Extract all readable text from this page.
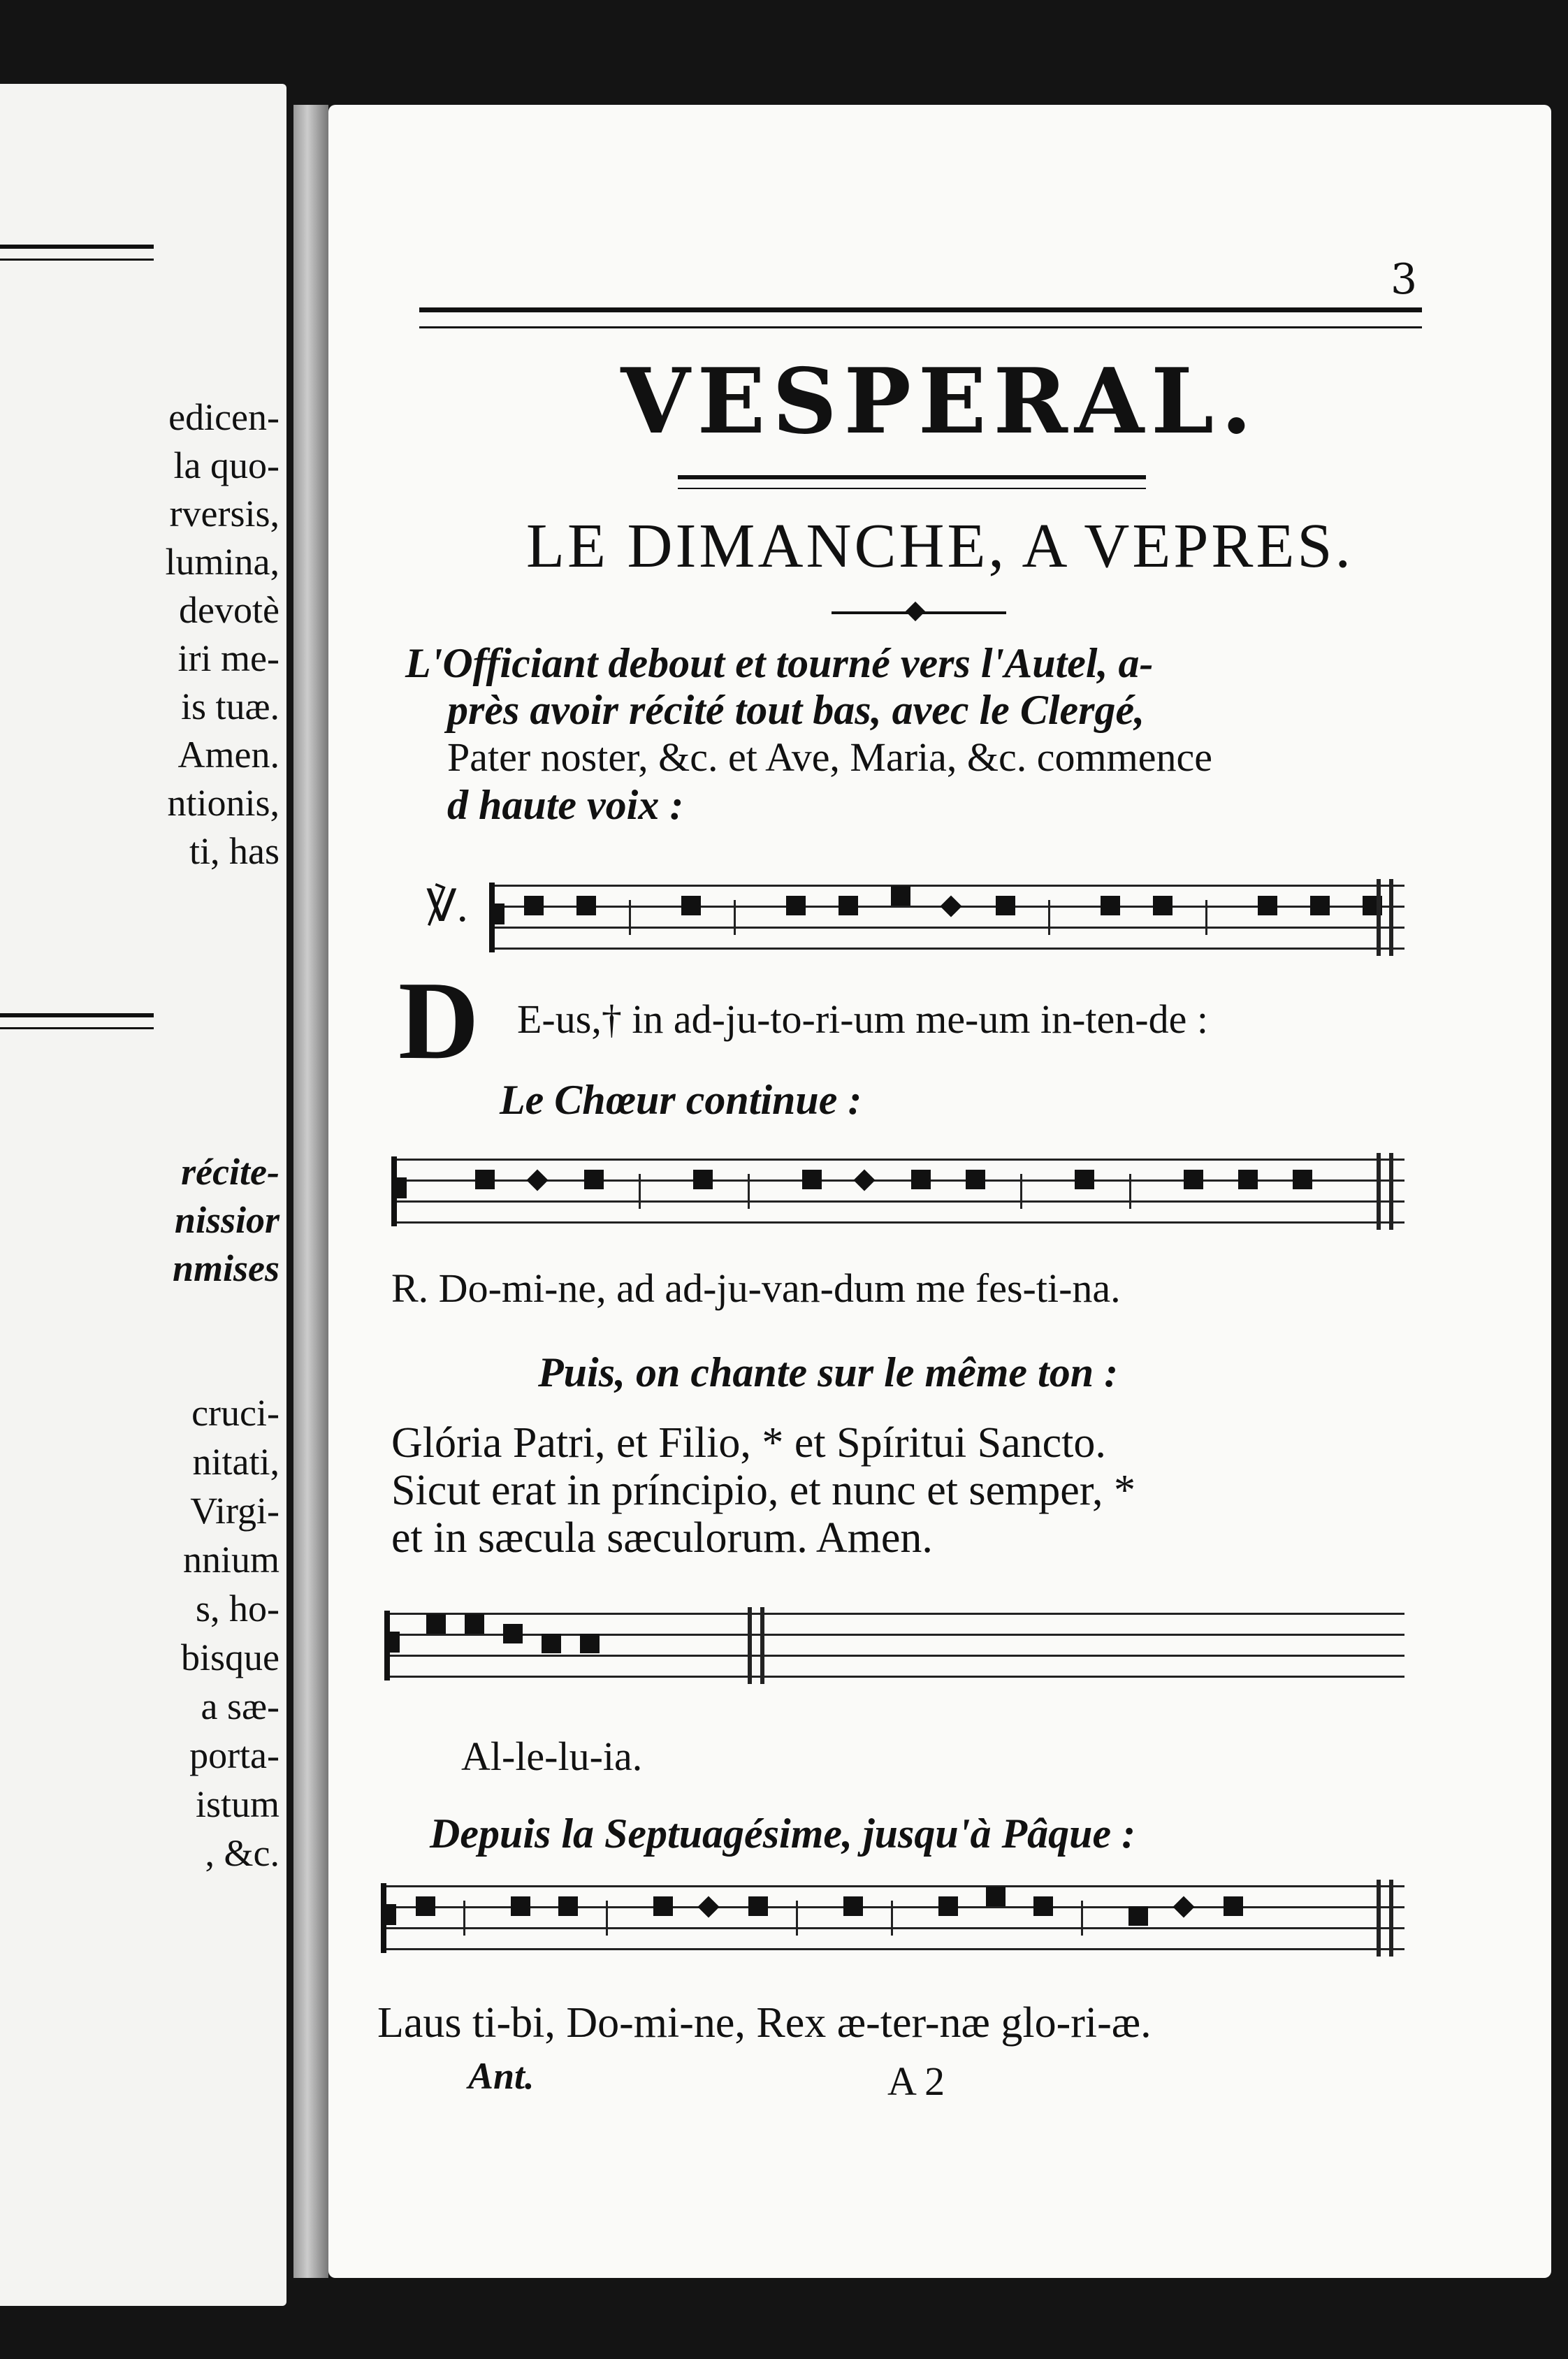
edicen-
la quo-
rversis,
lumina,
devotè
iri me-
is tuæ.
Amen.
ntionis,
ti, has
récite-
nissior
nmises
cruci-
nitati,
Virgi-
nnium
s, ho-
bisque
a sæ-
porta-
istum
, &c.
3
VESPERAL.
LE DIMANCHE, A VEPRES.
L'Officiant debout et tourné vers l'Autel, a-
près avoir récité tout bas, avec le Clergé,
Pater noster, &c. et Ave, Maria, &c. commence
d haute voix :
℣.
D E-us,† in ad-ju-to-ri-um me-um in-ten-de :
Le Chœur continue :
R. Do-mi-ne, ad ad-ju-van-dum me fes-ti-na.
Puis, on chante sur le même ton :
Glória Patri, et Filio, * et Spíritui Sancto.
Sicut erat in príncipio, et nunc et semper, *
et in sæcula sæculorum. Amen.
Al-le-lu-ia.
Depuis la Septuagésime, jusqu'à Pâque :
Laus ti-bi, Do-mi-ne, Rex æ-ter-næ glo-ri-æ.
Ant.	A 2
